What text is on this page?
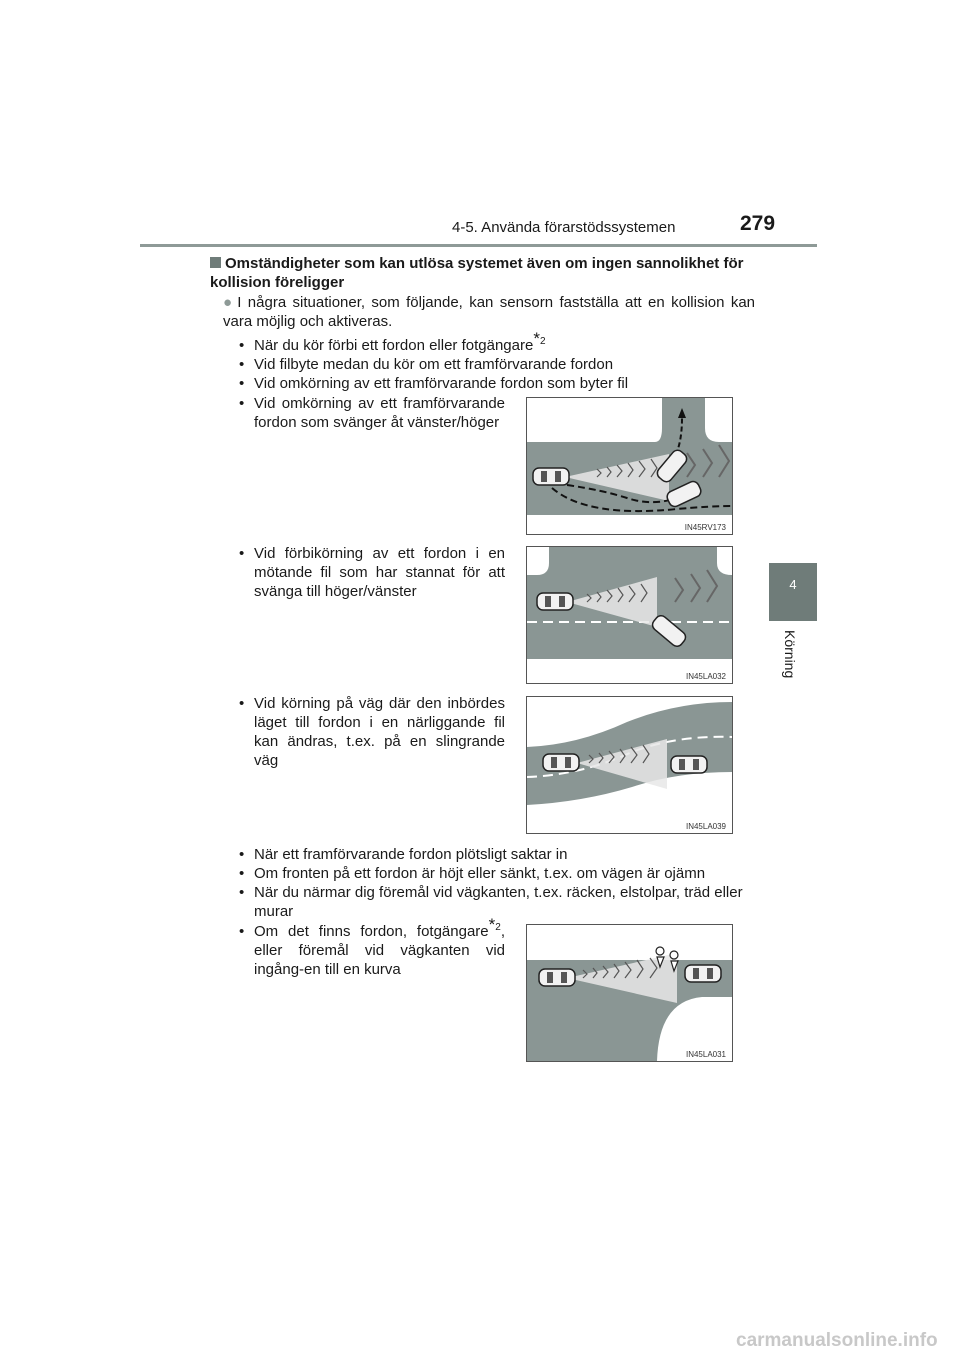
4-5. Använda förarstödssystemen	279
4
Körning

Omständigheter som kan utlösa systemet även om ingen sannolikhet för kollision föreligger

● I några situationer, som följande, kan sensorn fastställa att en kollision kan vara möjlig och aktiveras.

• När du kör förbi ett fordon eller fotgängare$^{*2}$
• Vid filbyte medan du kör om ett framförvarande fordon
• Vid omkörning av ett framförvarande fordon som byter fil
• Vid omkörning av ett framförvarande fordon som svänger åt vänster/höger
• Vid förbikörning av ett fordon i en mötande fil som har stannat för att svänga till höger/vänster
• Vid körning på väg där den inbördes läget till fordon i en närliggande fil kan ändras, t.ex. på en slingrande väg
IN45RV173
IN45LA032
IN45LA039
• När ett framförvarande fordon plötsligt saktar in
• Om fronten på ett fordon är höjt eller sänkt, t.ex. om vägen är ojämn
• När du närmar dig föremål vid vägkanten, t.ex. räcken, elstolpar, träd eller murar
• Om det finns fordon, fotgängare$^{*2}$, eller föremål vid vägkanten vid ingång-en till en kurva
IN45LA031
carmanualsonline.info
